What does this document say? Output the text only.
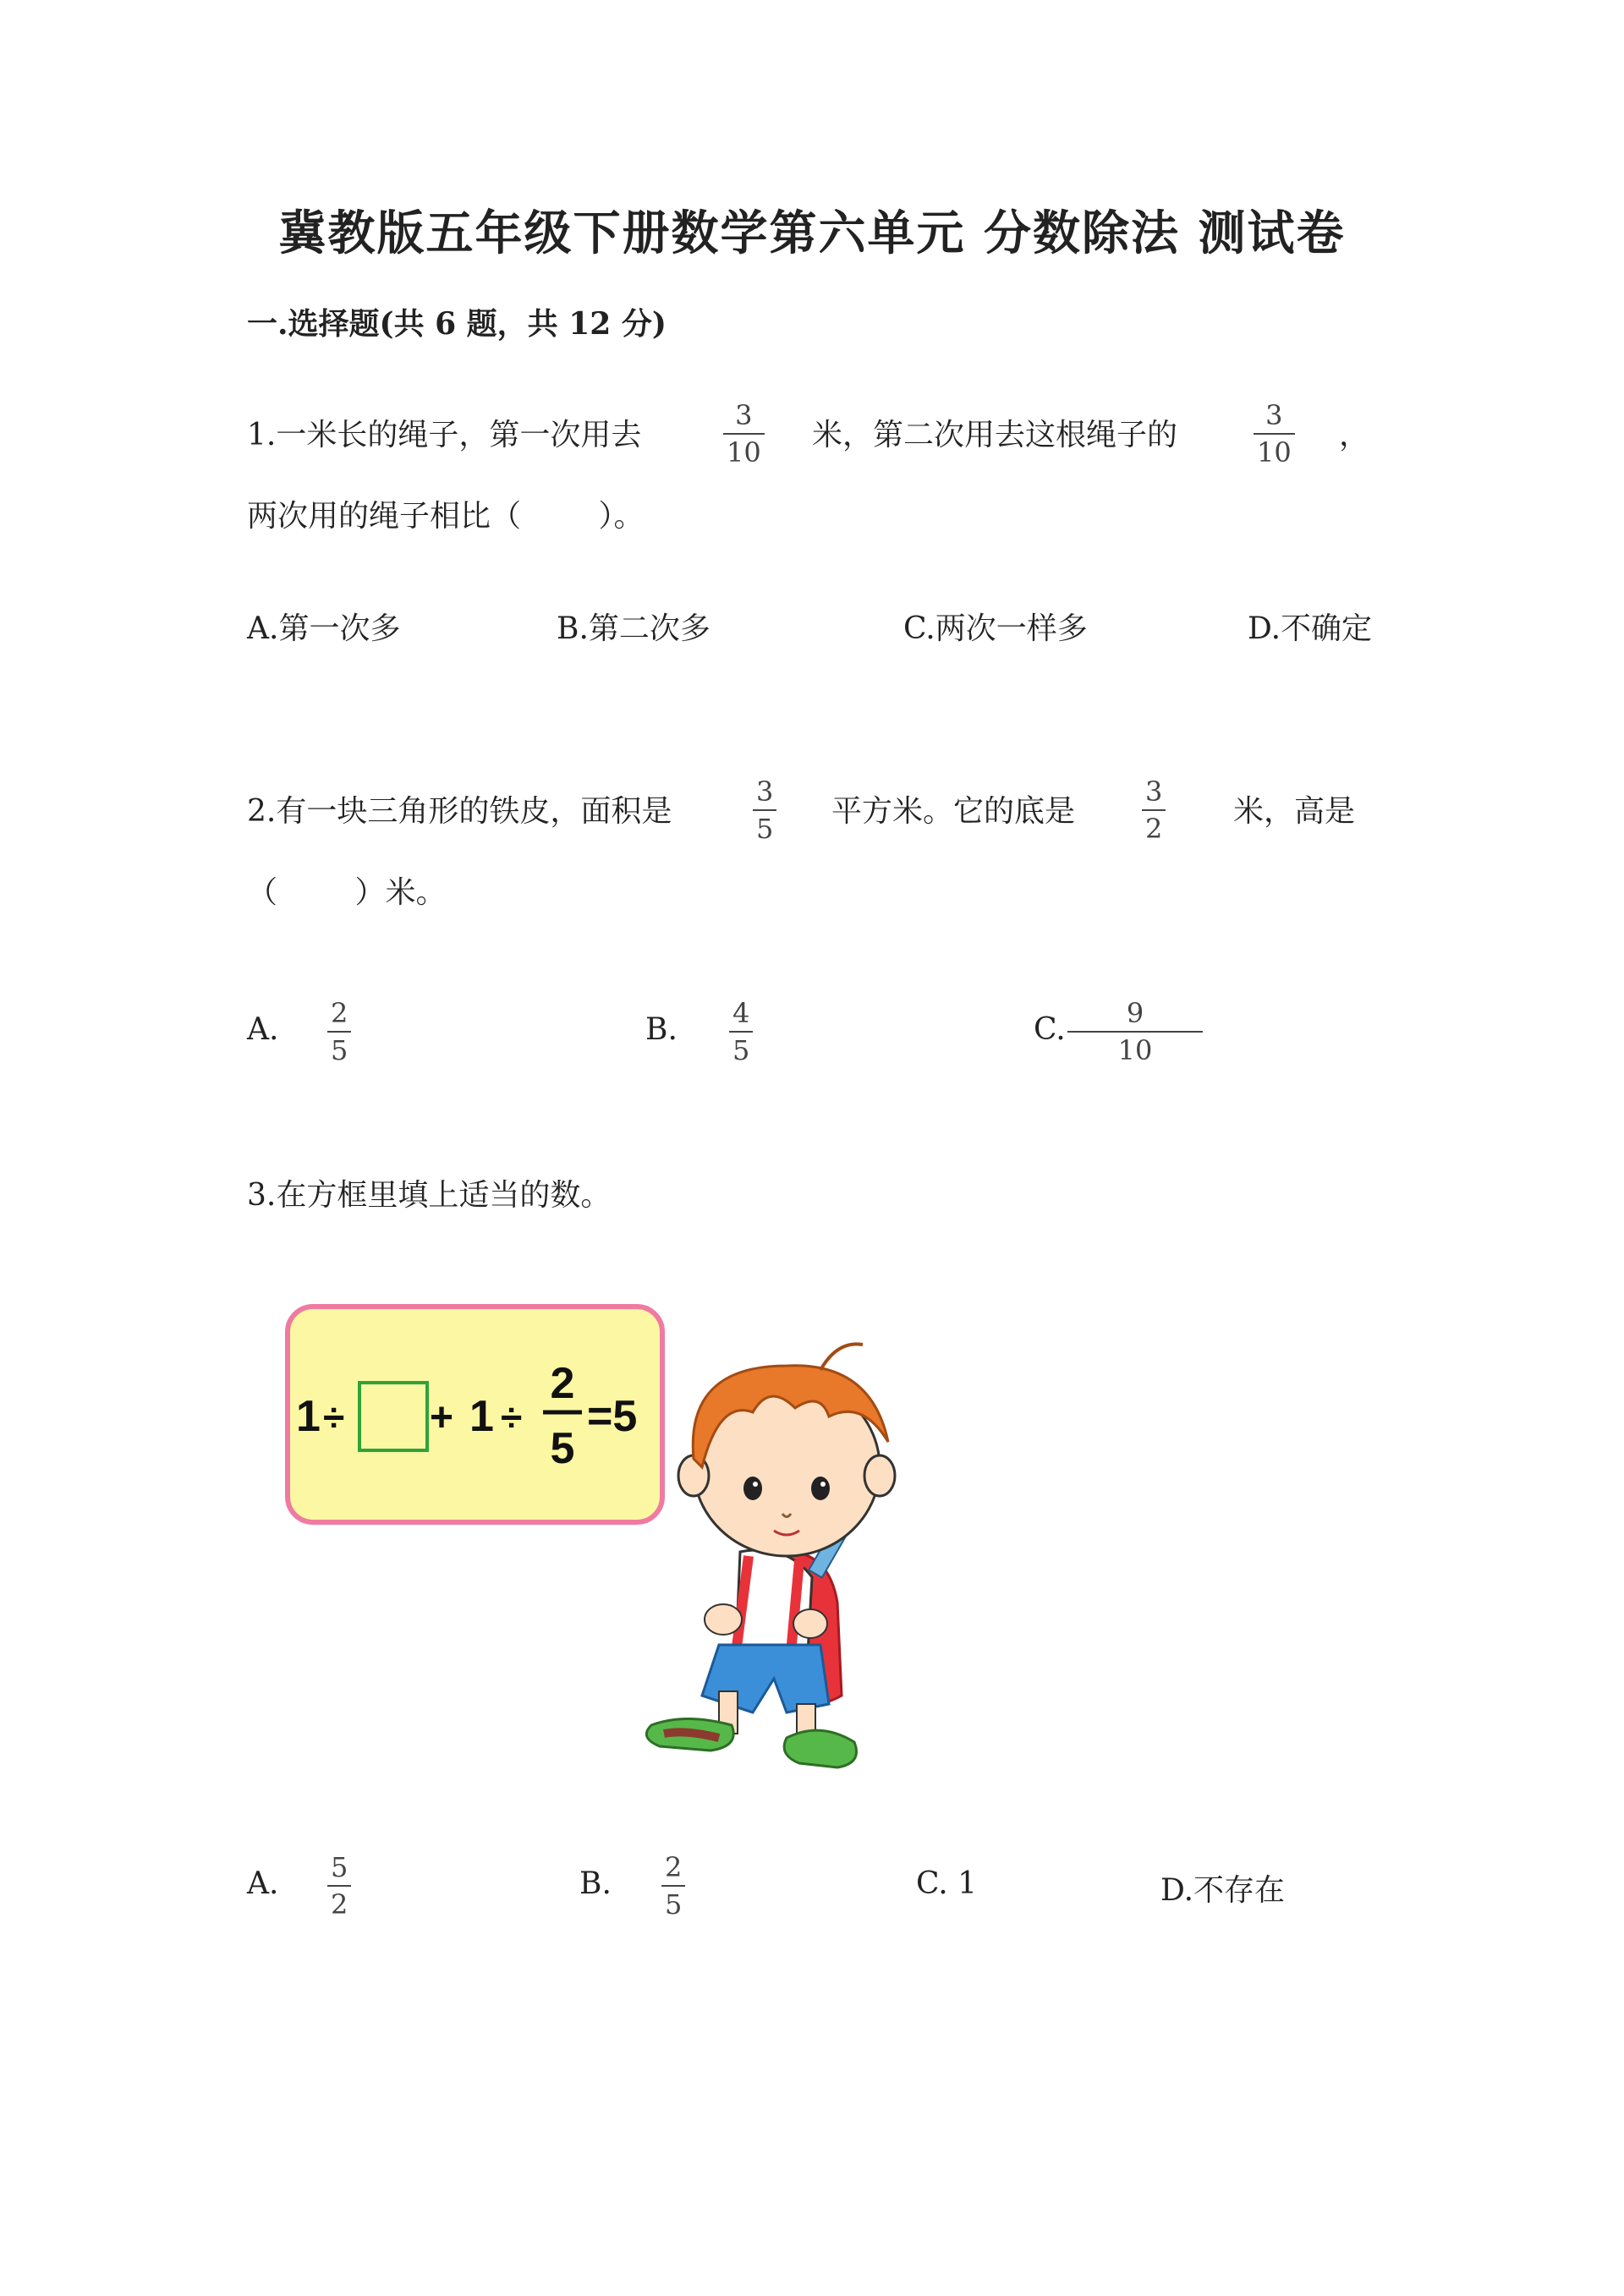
冀教版五年级下册数学第六单元 分数除法 测试卷
一.选择题(共 6 题，共 12 分)
1.一米长的绳子，第一次用去
3
10 米，第二次用去这根绳子的
3
10 ，
两次用的绳子相比（        ）。
A.第一次多	B.第二次多	C.两次一样多	D.不确定
2.有一块三角形的铁皮，面积是
3
5 平方米。它的底是
3
2 米，高是
（        ）米。
A. 2
5
B. 4
5
C. 9
10
3.在方框里填上适当的数。
1 ÷ + 1 ÷
2
5
=5
A. 5
2
B. 2
5
C. 1	D.不存在
